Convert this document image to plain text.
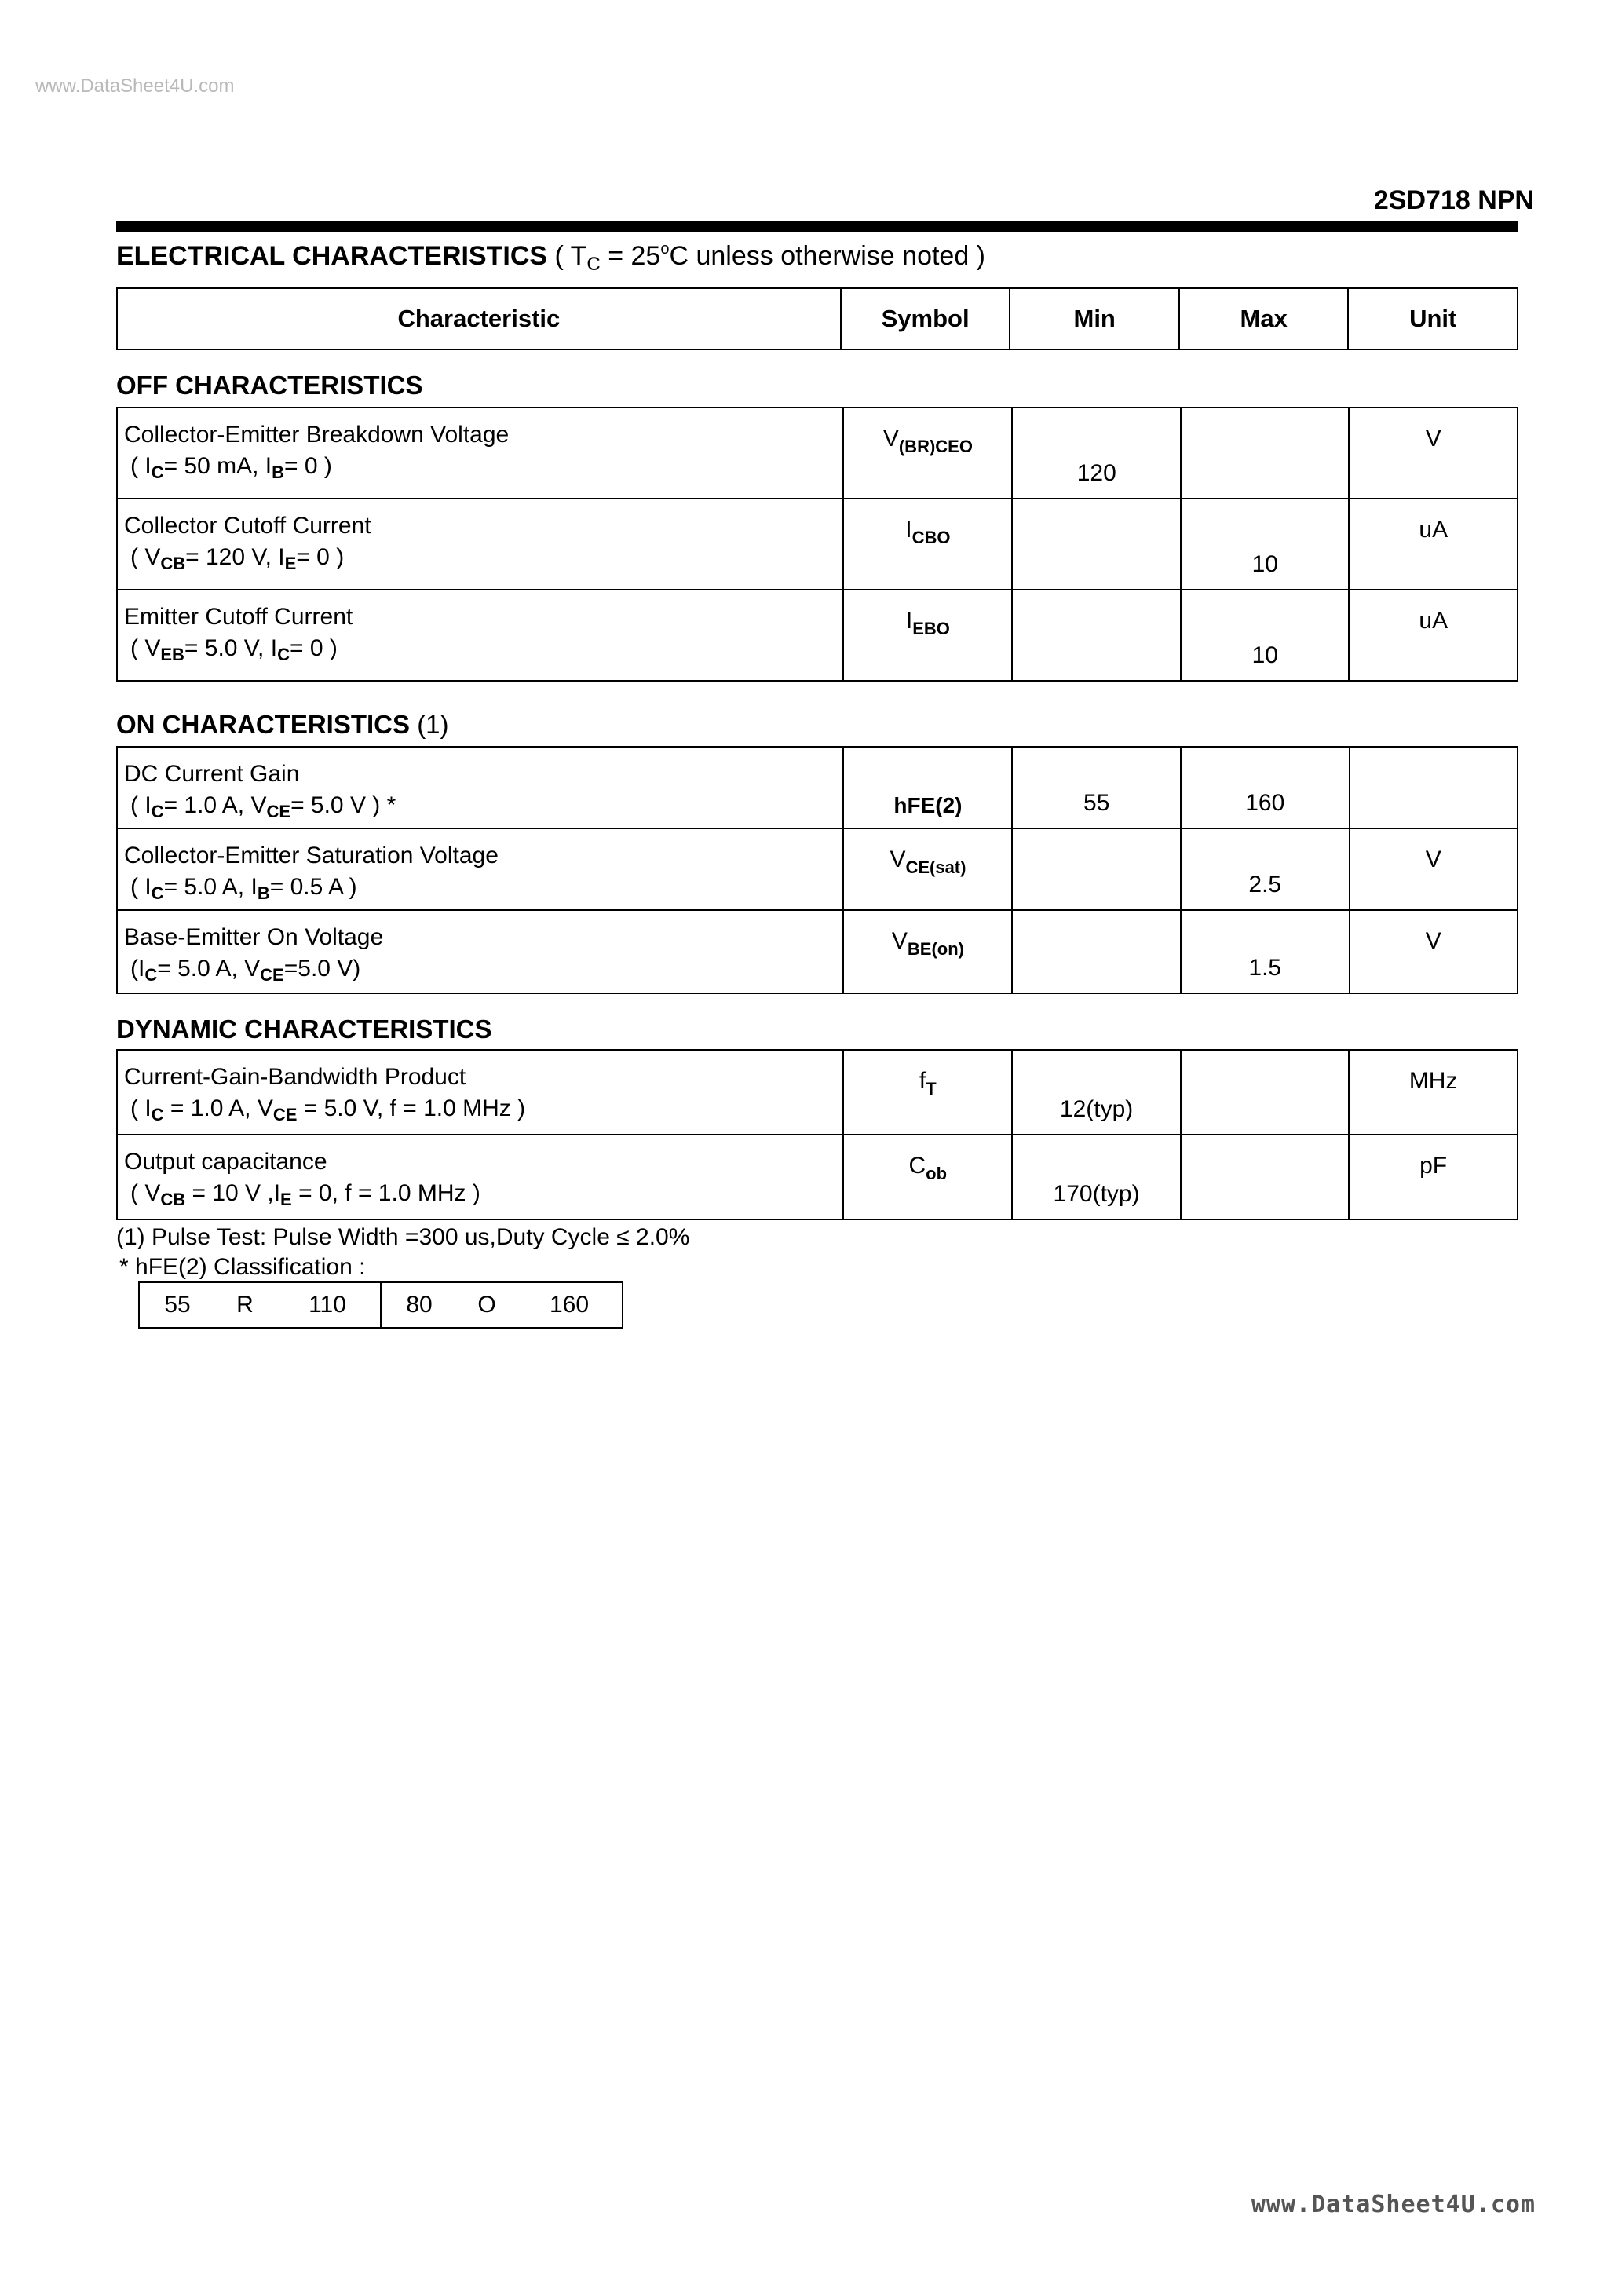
www.DataSheet4U.com
2SD718 NPN
ELECTRICAL CHARACTERISTICS ( $T_C = 25^oC$ unless otherwise noted )
Characteristic	Symbol	Min	Max	Unit
OFF CHARACTERISTICS
Collector-Emitter Breakdown Voltage
( $I_C= 50$ mA, $I_B= 0$ )	$V_{(BR)CEO}$	120		V

Collector Cutoff Current
( $V_{CB}= 120$ V, $I_E= 0$ )	$I_{CBO}$		10	uA

Emitter Cutoff Current
( $V_{EB}= 5.0$ V, $I_C= 0$ )	$I_{EBO}$		10	uA
ON CHARACTERISTICS (1)
DC Current Gain
( $I_C= 1.0$ A, $V_{CE}= 5.0$ V ) *	hFE(2)	55	160	

Collector-Emitter Saturation Voltage
( $I_C= 5.0$ A, $I_B= 0.5$ A )	$V_{CE(sat)}$		2.5	V

Base-Emitter On Voltage
($I_C= 5.0$ A, $V_{CE}=5.0$ V)	$V_{BE(on)}$		1.5	V
DYNAMIC CHARACTERISTICS
Current-Gain-Bandwidth Product
( $I_C = 1.0$ A, $V_{CE} = 5.0$ V, f = 1.0 MHz )	$f_T$	12(typ)		MHz

Output capacitance
( $V_{CB} = 10$ V $,I_E = 0$, f = 1.0 MHz )	$C_{ob}$	170(typ)		pF
(1) Pulse Test: Pulse Width =300 us,Duty Cycle ≤ 2.0%
* hFE(2) Classification :
55	R	110	80	O	160
www.DataSheet4U.com
